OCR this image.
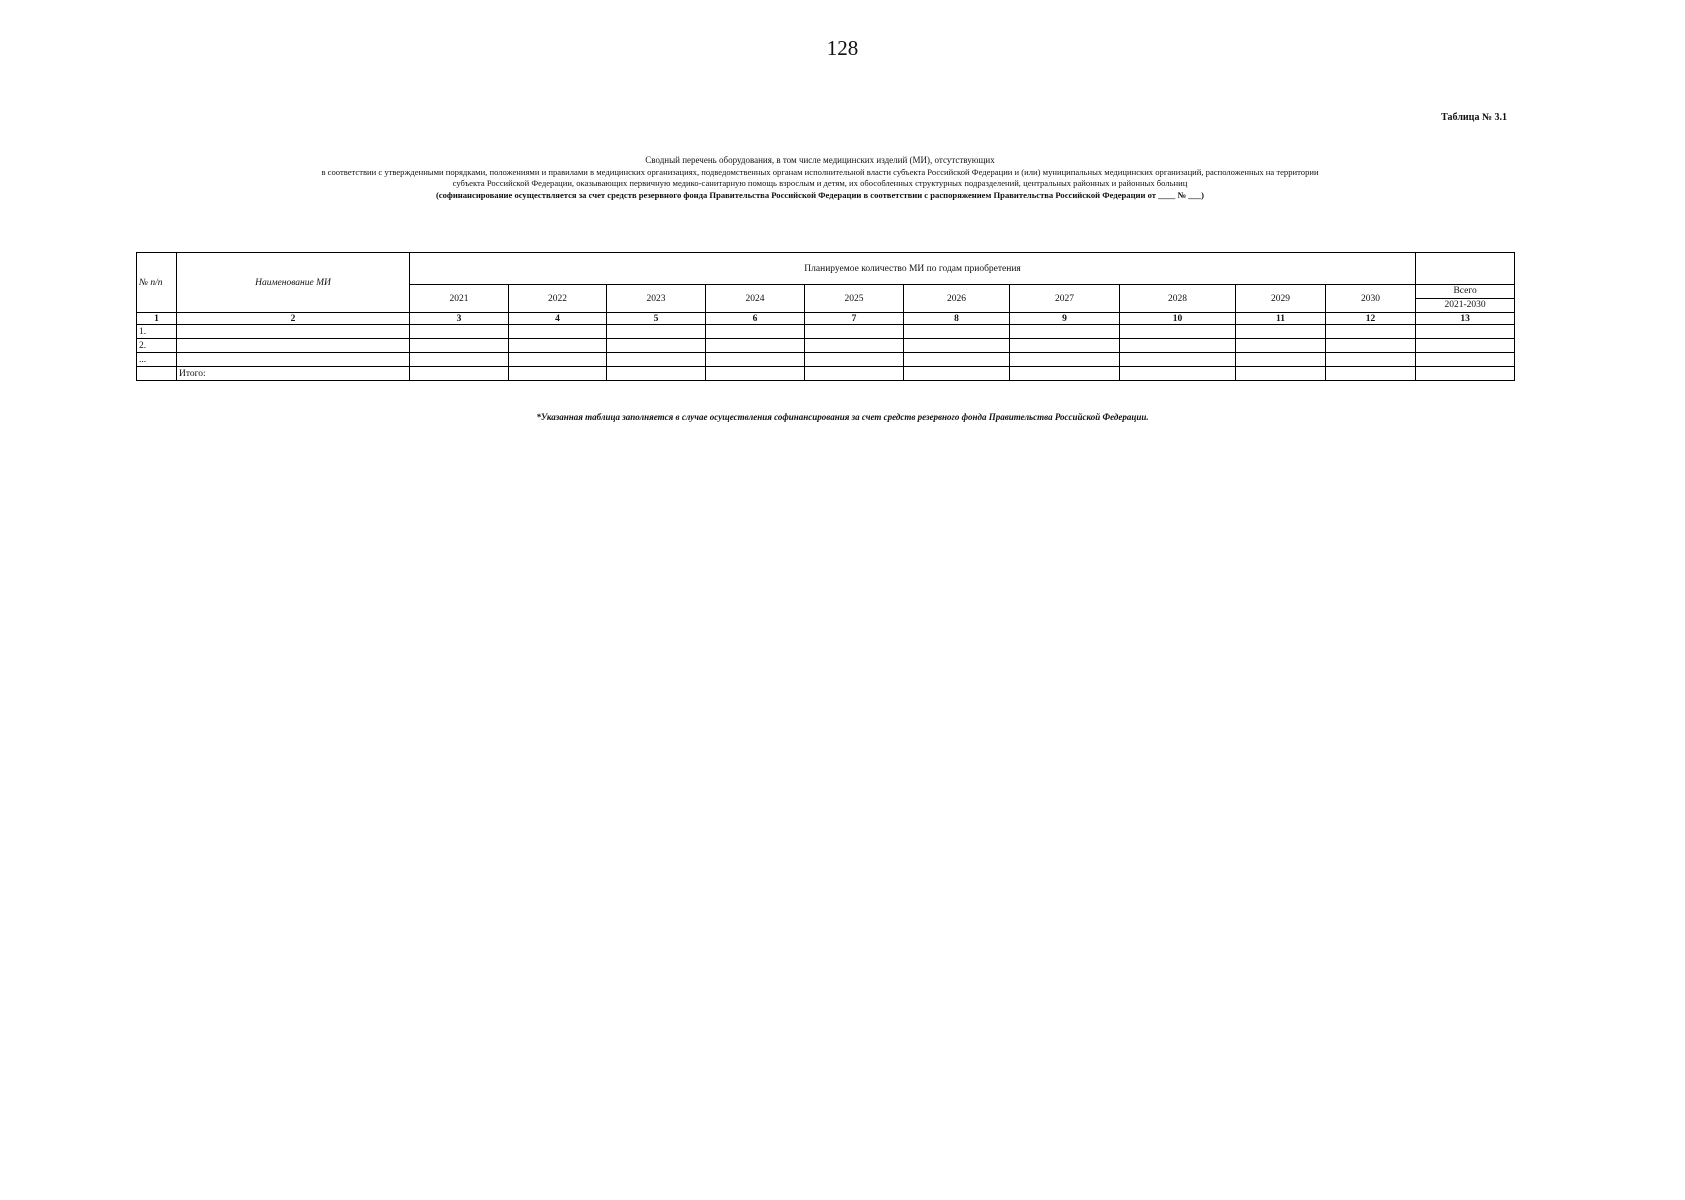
128
Таблица № 3.1
Сводный перечень оборудования, в том числе медицинских изделий (МИ), отсутствующих
в соответствии с утвержденными порядками, положениями и правилами в медицинских организациях, подведомственных органам исполнительной власти субъекта Российской Федерации и (или) муниципальных медицинских организаций, расположенных на территории
субъекта Российской Федерации, оказывающих первичную медико-санитарную помощь взрослым и детям, их обособленных структурных подразделений, центральных районных и районных больниц
(софинансирование осуществляется за счет средств резервного фонда Правительства Российской Федерации в соответствии с распоряжением Правительства Российской Федерации от ____ № ___)
№ п/п	Наименование МИ	Планируемое количество МИ по годам приобретения										
		2021	2022	2023	2024	2025	2026	2027	2028	2029	2030	Всего
2021-2030

1	2	3	4	5	6	7	8	9	10	11	12	13
1.												
2.												
...												
	Итого:											
*Указанная таблица заполняется в случае осуществления софинансирования за счет средств резервного фонда Правительства Российской Федерации.
